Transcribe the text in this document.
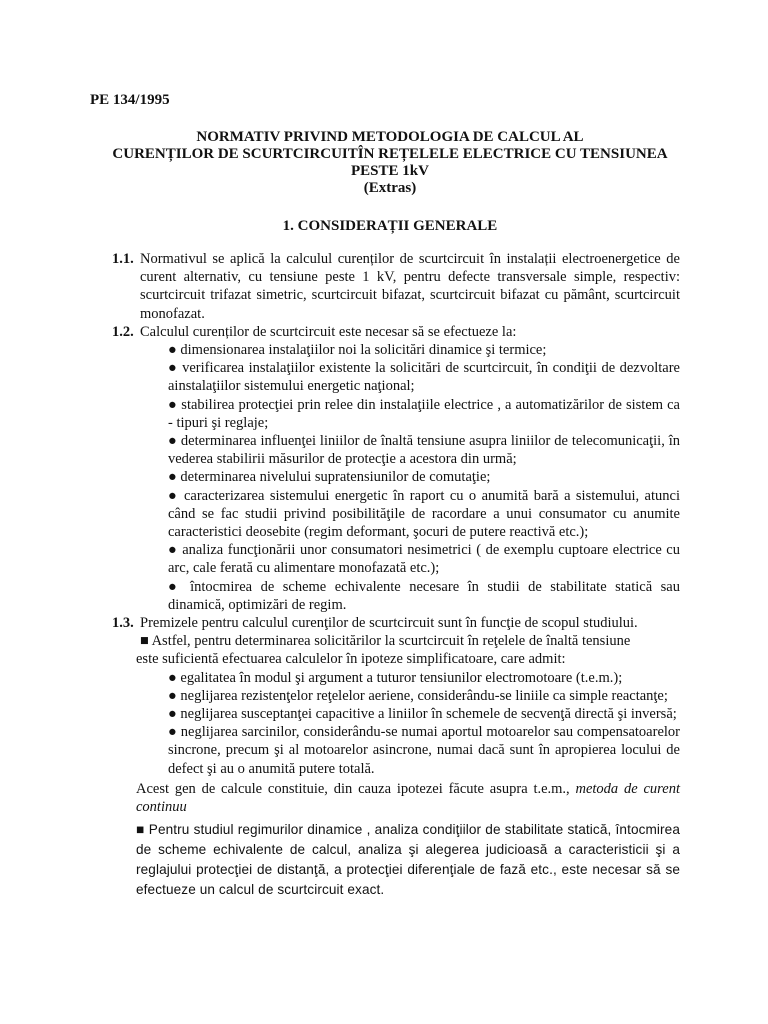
PE 134/1995
NORMATIV PRIVIND METODOLOGIA DE CALCUL AL
CURENȚILOR DE SCURTCIRCUITÎN REȚELELE ELECTRICE CU TENSIUNEA
PESTE 1kV
(Extras)
1. CONSIDERAȚII GENERALE
1.1. Normativul se aplică la calculul curenților de scurtcircuit în instalații electroenergetice de curent alternativ, cu tensiune peste 1 kV, pentru defecte transversale simple, respectiv: scurtcircuit trifazat simetric, scurtcircuit bifazat, scurtcircuit bifazat cu pământ, scurtcircuit monofazat.
1.2. Calculul curenților de scurtcircuit este necesar să se efectueze la:
● dimensionarea instalaţiilor noi la solicitări dinamice şi termice;
● verificarea instalaţiilor existente la solicitări de scurtcircuit, în condiţii de dezvoltare ainstalaţiilor sistemului energetic naţional;
● stabilirea protecţiei prin relee din instalaţiile electrice , a automatizărilor de sistem ca - tipuri şi reglaje;
● determinarea influenţei liniilor de înaltă tensiune asupra liniilor de telecomunicaţii, în vederea stabilirii măsurilor de protecţie a acestora din urmă;
● determinarea nivelului supratensiunilor de comutaţie;
● caracterizarea sistemului energetic în raport cu o anumită bară a sistemului, atunci când se fac studii privind posibilităţile de racordare a unui consumator cu anumite caracteristici deosebite (regim deformant, şocuri de putere reactivă etc.);
● analiza funcţionării unor consumatori nesimetrici ( de exemplu cuptoare electrice cu arc, cale ferată cu alimentare monofazată etc.);
● întocmirea de scheme echivalente necesare în studii de stabilitate statică sau dinamică, optimizări de regim.
1.3. Premizele pentru calculul curenţilor de scurtcircuit sunt în funcţie de scopul studiului.
■ Astfel, pentru determinarea solicitărilor la scurtcircuit în reţelele de înaltă tensiune
este suficientă efectuarea calculelor în ipoteze simplificatoare, care admit:
● egalitatea în modul şi argument a tuturor tensiunilor electromotoare (t.e.m.);
● neglijarea rezistenţelor reţelelor aeriene, considerându-se liniile ca simple reactanţe;
● neglijarea susceptanţei capacitive a liniilor în schemele de secvenţă directă şi inversă;
● neglijarea sarcinilor, considerându-se numai aportul motoarelor sau compensatoarelor sincrone, precum şi al motoarelor asincrone, numai dacă sunt în apropierea locului de defect şi au o anumită putere totală.
Acest gen de calcule constituie, din cauza ipotezei făcute asupra t.e.m., metoda de curent continuu
■ Pentru studiul regimurilor dinamice , analiza condiţiilor de stabilitate statică, întocmirea de scheme echivalente de calcul, analiza şi alegerea judicioasă a caracteristicii şi a reglajului protecţiei de distanţă, a protecţiei diferenţiale de fază etc., este necesar să se efectueze un calcul de scurtcircuit exact.
